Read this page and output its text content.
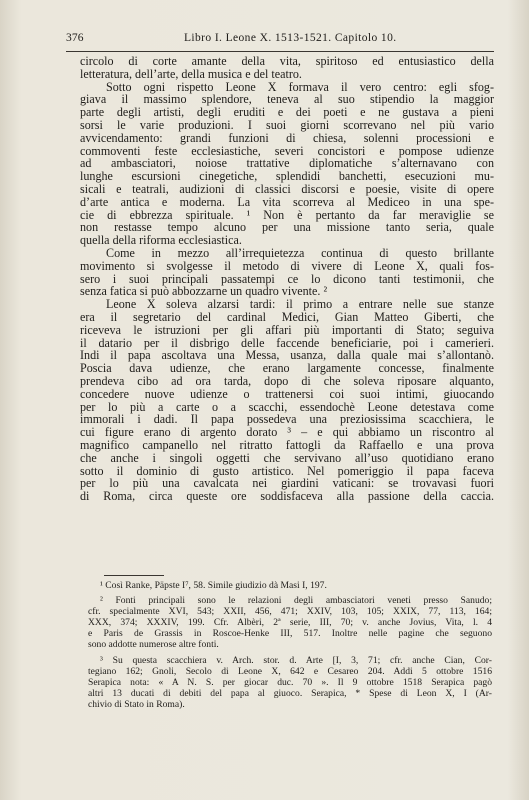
376	Libro I. Leone X. 1513-1521. Capitolo 10.
circolo di corte amante della vita, spiritoso ed entusiastico della
letteratura, dell’arte, della musica e del teatro.
Sotto ogni rispetto Leone X formava il vero centro: egli sfog-
giava il massimo splendore, teneva al suo stipendio la maggior
parte degli artisti, degli eruditi e dei poeti e ne gustava a pieni
sorsi le varie produzioni. I suoi giorni scorrevano nel più vario
avvicendamento: grandi funzioni di chiesa, solenni processioni e
commoventi feste ecclesiastiche, severi concistori e pompose udienze
ad ambasciatori, noiose trattative diplomatiche s’alternavano con
lunghe escursioni cinegetiche, splendidi banchetti, esecuzioni mu-
sicali e teatrali, audizioni di classici discorsi e poesie, visite di opere
d’arte antica e moderna. La vita scorreva al Mediceo in una spe-
cie di ebbrezza spirituale. ¹ Non è pertanto da far meraviglie se
non restasse tempo alcuno per una missione tanto seria, quale
quella della riforma ecclesiastica.
Come in mezzo all’irrequietezza continua di questo brillante
movimento si svolgesse il metodo di vivere di Leone X, quali fos-
sero i suoi principali passatempi ce lo dicono tanti testimonii, che
senza fatica si può abbozzarne un quadro vivente. ²
Leone X soleva alzarsi tardi: il primo a entrare nelle sue stanze
era il segretario del cardinal Medici, Gian Matteo Giberti, che
riceveva le istruzioni per gli affari più importanti di Stato; seguiva
il datario per il disbrigo delle faccende beneficiarie, poi i camerieri.
Indi il papa ascoltava una Messa, usanza, dalla quale mai s’allontanò.
Poscia dava udienze, che erano largamente concesse, finalmente
prendeva cibo ad ora tarda, dopo di che soleva riposare alquanto,
concedere nuove udienze o trattenersi coi suoi intimi, giuocando
per lo più a carte o a scacchi, essendochè Leone detestava come
immorali i dadi. Il papa possedeva una preziosissima scacchiera, le
cui figure erano di argento dorato ³ – e qui abbiamo un riscontro al
magnifico campanello nel ritratto fattogli da Raffaello e una prova
che anche i singoli oggetti che servivano all’uso quotidiano erano
sotto il dominio di gusto artistico. Nel pomeriggio il papa faceva
per lo più una cavalcata nei giardini vaticani: se trovavasi fuori
di Roma, circa queste ore soddisfaceva alla passione della caccia.
¹ Così Ranke, Päpste I⁷, 58. Simile giudizio dà Masi I, 197.
² Fonti principali sono le relazioni degli ambasciatori veneti presso Sanudo;
cfr. specialmente XVI, 543; XXII, 456, 471; XXIV, 103, 105; XXIX, 77, 113, 164;
XXX, 374; XXXIV, 199. Cfr. Albèri, 2ª serie, III, 70; v. anche Jovius, Vita, l. 4
e Paris de Grassis in Roscoe-Henke III, 517. Inoltre nelle pagine che seguono
sono addotte numerose altre fonti.
³ Su questa scacchiera v. Arch. stor. d. Arte [I, 3, 71; cfr. anche Cian, Cor-
tegiano 162; Gnoli, Secolo di Leone X, 642 e Cesareo 204. Addi 5 ottobre 1516
Serapica nota: « A N. S. per giocar duc. 70 ». Il 9 ottobre 1518 Serapica pagò
altri 13 ducati di debiti del papa al giuoco. Serapica, * Spese di Leon X, I (Ar-
chivio di Stato in Roma).
